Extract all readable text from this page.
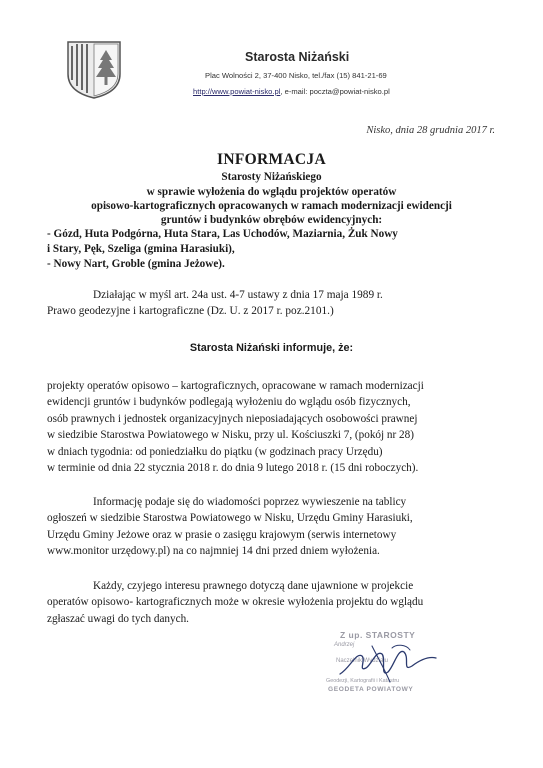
Starosta Niżański
Plac Wolności 2, 37-400 Nisko, tel./fax (15) 841-21-69
http://www.powiat-nisko.pl, e-mail: poczta@powiat-nisko.pl
Nisko, dnia 28 grudnia 2017 r.
INFORMACJA
Starosty Niżańskiego
w sprawie wyłożenia do wglądu projektów operatów
opisowo-kartograficznych opracowanych w ramach modernizacji ewidencji
gruntów i budynków obrębów ewidencyjnych:
- Gózd, Huta Podgórna, Huta Stara, Las Uchodów, Maziarnia, Żuk Nowy
i Stary, Pęk, Szeliga (gmina Harasiuki),
- Nowy Nart, Groble (gmina Jeżowe).
Działając w myśl art. 24a ust. 4-7 ustawy z dnia 17 maja 1989 r.
Prawo geodezyjne i kartograficzne (Dz. U. z 2017 r. poz.2101.)
Starosta Niżański informuje, że:
projekty operatów opisowo – kartograficznych, opracowane w ramach modernizacji
ewidencji gruntów i budynków podlegają wyłożeniu do wglądu osób fizycznych,
osób prawnych i jednostek organizacyjnych nieposiadających osobowości prawnej
w siedzibie Starostwa Powiatowego w Nisku, przy ul. Kościuszki 7, (pokój nr 28)
w dniach tygodnia: od poniedziałku do piątku (w godzinach pracy Urzędu)
w terminie od dnia 22 stycznia 2018 r. do dnia 9 lutego 2018 r. (15 dni roboczych).
Informację podaje się do wiadomości poprzez wywieszenie na tablicy
ogłoszeń w siedzibie Starostwa Powiatowego w Nisku, Urzędu Gminy Harasiuki,
Urzędu Gminy Jeżowe oraz w prasie o zasięgu krajowym (serwis internetowy
www.monitor urzędowy.pl) na co najmniej 14 dni przed dniem wyłożenia.
Każdy, czyjego interesu prawnego dotyczą dane ujawnione w projekcie
operatów opisowo- kartograficznych może w okresie wyłożenia projektu do wglądu
zgłaszać uwagi do tych danych.
Z up. STAROSTY
Andrzej
Naczelnik Wydziału
Geodezji, Kartografii i Katastru
GEODETA POWIATOWY
